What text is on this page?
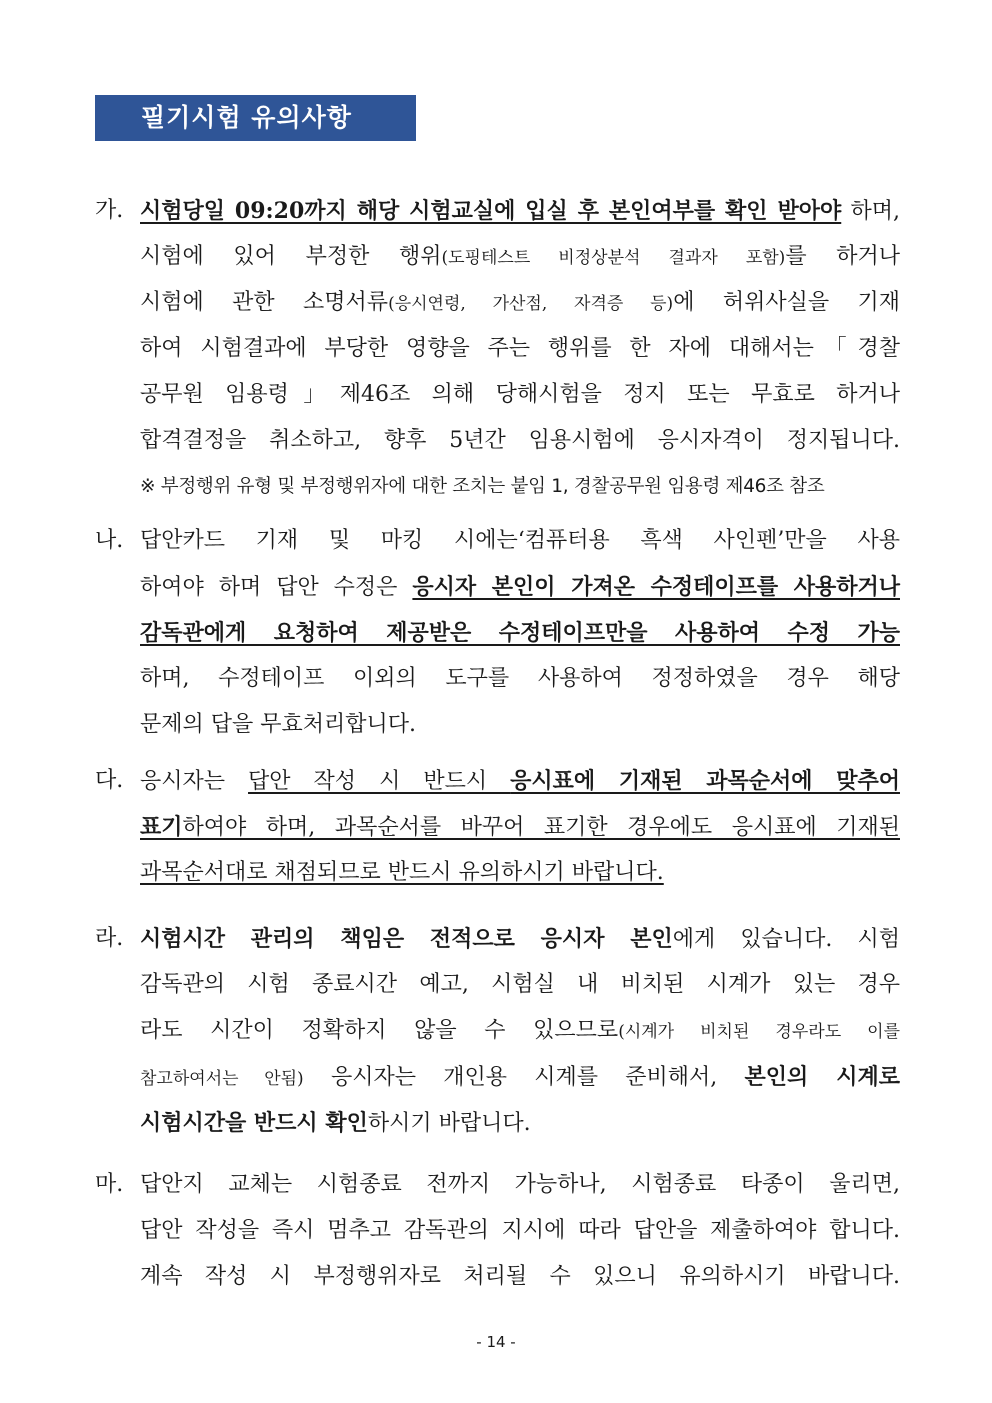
필기시험 유의사항
가. 시험당일 09:20까지 해당 시험교실에 입실 후 본인여부를 확인 받아야 하며,
시험에 있어 부정한 행위(도핑테스트 비정상분석 결과자 포함)를 하거나
시험에 관한 소명서류(응시연령, 가산점, 자격증 등)에 허위사실을 기재
하여 시험결과에 부당한 영향을 주는 행위를 한 자에 대해서는「경찰
공무원 임용령」제46조 의해 당해시험을 정지 또는 무효로 하거나
합격결정을 취소하고, 향후 5년간 임용시험에 응시자격이 정지됩니다.
※ 부정행위 유형 및 부정행위자에 대한 조치는 붙임 1, 경찰공무원 임용령 제46조 참조
나. 답안카드 기재 및 마킹 시에는‘컴퓨터용 흑색 사인펜’만을 사용
하여야 하며 답안 수정은 응시자 본인이 가져온 수정테이프를 사용하거나
감독관에게 요청하여 제공받은 수정테이프만을 사용하여 수정 가능
하며, 수정테이프 이외의 도구를 사용하여 정정하였을 경우 해당
문제의 답을 무효처리합니다.
다. 응시자는 답안 작성 시 반드시 응시표에 기재된 과목순서에 맞추어
표기하여야 하며, 과목순서를 바꾸어 표기한 경우에도 응시표에 기재된
과목순서대로 채점되므로 반드시 유의하시기 바랍니다.
라. 시험시간 관리의 책임은 전적으로 응시자 본인에게 있습니다. 시험
감독관의 시험 종료시간 예고, 시험실 내 비치된 시계가 있는 경우
라도 시간이 정확하지 않을 수 있으므로(시계가 비치된 경우라도 이를
참고하여서는 안됨) 응시자는 개인용 시계를 준비해서, 본인의 시계로
시험시간을 반드시 확인하시기 바랍니다.
마. 답안지 교체는 시험종료 전까지 가능하나, 시험종료 타종이 울리면,
답안 작성을 즉시 멈추고 감독관의 지시에 따라 답안을 제출하여야 합니다.
계속 작성 시 부정행위자로 처리될 수 있으니 유의하시기 바랍니다.
- 14 -
